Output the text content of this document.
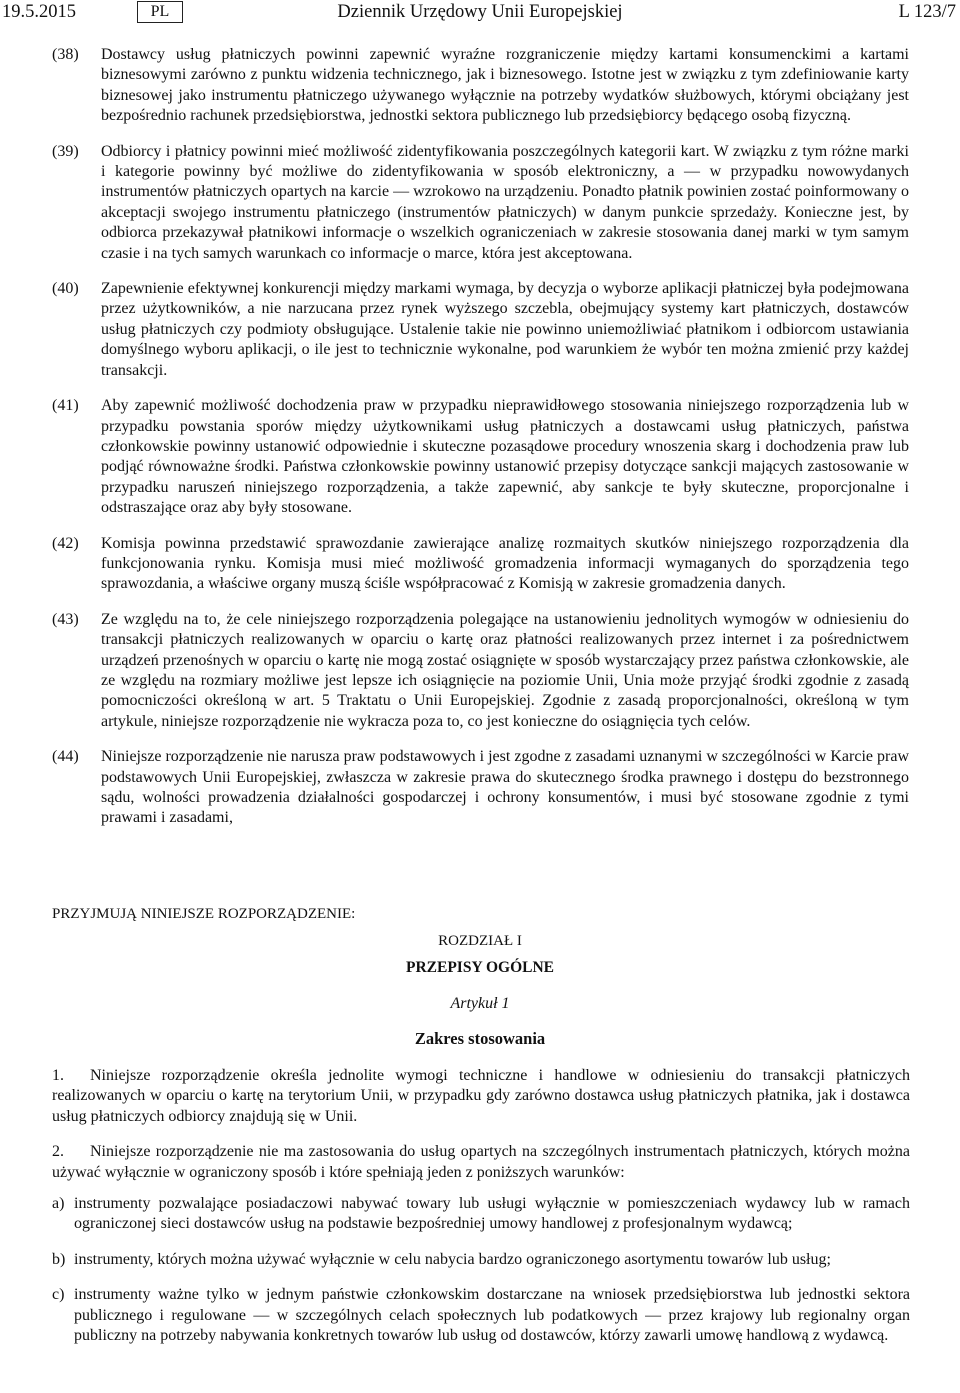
19.5.2015	PL	Dziennik Urzędowy Unii Europejskiej	L 123/7
(38) Dostawcy usług płatniczych powinni zapewnić wyraźne rozgraniczenie między kartami konsumenckimi a kartami biznesowymi zarówno z punktu widzenia technicznego, jak i biznesowego. Istotne jest w związku z tym zdefiniowanie karty biznesowej jako instrumentu płatniczego używanego wyłącznie na potrzeby wydatków służbowych, którymi obciążany jest bezpośrednio rachunek przedsiębiorstwa, jednostki sektora publicznego lub przedsiębiorcy będącego osobą fizyczną.
(39) Odbiorcy i płatnicy powinni mieć możliwość zidentyfikowania poszczególnych kategorii kart. W związku z tym różne marki i kategorie powinny być możliwe do zidentyfikowania w sposób elektroniczny, a — w przypadku nowowydanych instrumentów płatniczych opartych na karcie — wzrokowo na urządzeniu. Ponadto płatnik powinien zostać poinformowany o akceptacji swojego instrumentu płatniczego (instrumentów płatniczych) w danym punkcie sprzedaży. Konieczne jest, by odbiorca przekazywał płatnikowi informacje o wszelkich ograniczeniach w zakresie stosowania danej marki w tym samym czasie i na tych samych warunkach co informacje o marce, która jest akceptowana.
(40) Zapewnienie efektywnej konkurencji między markami wymaga, by decyzja o wyborze aplikacji płatniczej była podejmowana przez użytkowników, a nie narzucana przez rynek wyższego szczebla, obejmujący systemy kart płatniczych, dostawców usług płatniczych czy podmioty obsługujące. Ustalenie takie nie powinno uniemożliwiać płatnikom i odbiorcom ustawiania domyślnego wyboru aplikacji, o ile jest to technicznie wykonalne, pod warunkiem że wybór ten można zmienić przy każdej transakcji.
(41) Aby zapewnić możliwość dochodzenia praw w przypadku nieprawidłowego stosowania niniejszego rozporządzenia lub w przypadku powstania sporów między użytkownikami usług płatniczych a dostawcami usług płatniczych, państwa członkowskie powinny ustanowić odpowiednie i skuteczne pozasądowe procedury wnoszenia skarg i dochodzenia praw lub podjąć równoważne środki. Państwa członkowskie powinny ustanowić przepisy dotyczące sankcji mających zastosowanie w przypadku naruszeń niniejszego rozporządzenia, a także zapewnić, aby sankcje te były skuteczne, proporcjonalne i odstraszające oraz aby były stosowane.
(42) Komisja powinna przedstawić sprawozdanie zawierające analizę rozmaitych skutków niniejszego rozporządzenia dla funkcjonowania rynku. Komisja musi mieć możliwość gromadzenia informacji wymaganych do sporządzenia tego sprawozdania, a właściwe organy muszą ściśle współpracować z Komisją w zakresie gromadzenia danych.
(43) Ze względu na to, że cele niniejszego rozporządzenia polegające na ustanowieniu jednolitych wymogów w odniesieniu do transakcji płatniczych realizowanych w oparciu o kartę oraz płatności realizowanych przez internet i za pośrednictwem urządzeń przenośnych w oparciu o kartę nie mogą zostać osiągnięte w sposób wystarczający przez państwa członkowskie, ale ze względu na rozmiary możliwe jest lepsze ich osiągnięcie na poziomie Unii, Unia może przyjąć środki zgodnie z zasadą pomocniczości określoną w art. 5 Traktatu o Unii Europejskiej. Zgodnie z zasadą proporcjonalności, określoną w tym artykule, niniejsze rozporządzenie nie wykracza poza to, co jest konieczne do osiągnięcia tych celów.
(44) Niniejsze rozporządzenie nie narusza praw podstawowych i jest zgodne z zasadami uznanymi w szczególności w Karcie praw podstawowych Unii Europejskiej, zwłaszcza w zakresie prawa do skutecznego środka prawnego i dostępu do bezstronnego sądu, wolności prowadzenia działalności gospodarczej i ochrony konsumentów, i musi być stosowane zgodnie z tymi prawami i zasadami,
PRZYJMUJĄ NINIEJSZE ROZPORZĄDZENIE:
ROZDZIAŁ I
PRZEPISY OGÓLNE
Artykuł 1
Zakres stosowania
1. Niniejsze rozporządzenie określa jednolite wymogi techniczne i handlowe w odniesieniu do transakcji płatniczych realizowanych w oparciu o kartę na terytorium Unii, w przypadku gdy zarówno dostawca usług płatniczych płatnika, jak i dostawca usług płatniczych odbiorcy znajdują się w Unii.
2. Niniejsze rozporządzenie nie ma zastosowania do usług opartych na szczególnych instrumentach płatniczych, których można używać wyłącznie w ograniczony sposób i które spełniają jeden z poniższych warunków:
a) instrumenty pozwalające posiadaczowi nabywać towary lub usługi wyłącznie w pomieszczeniach wydawcy lub w ramach ograniczonej sieci dostawców usług na podstawie bezpośredniej umowy handlowej z profesjonalnym wydawcą;
b) instrumenty, których można używać wyłącznie w celu nabycia bardzo ograniczonego asortymentu towarów lub usług;
c) instrumenty ważne tylko w jednym państwie członkowskim dostarczane na wniosek przedsiębiorstwa lub jednostki sektora publicznego i regulowane — w szczególnych celach społecznych lub podatkowych — przez krajowy lub regionalny organ publiczny na potrzeby nabywania konkretnych towarów lub usług od dostawców, którzy zawarli umowę handlową z wydawcą.
